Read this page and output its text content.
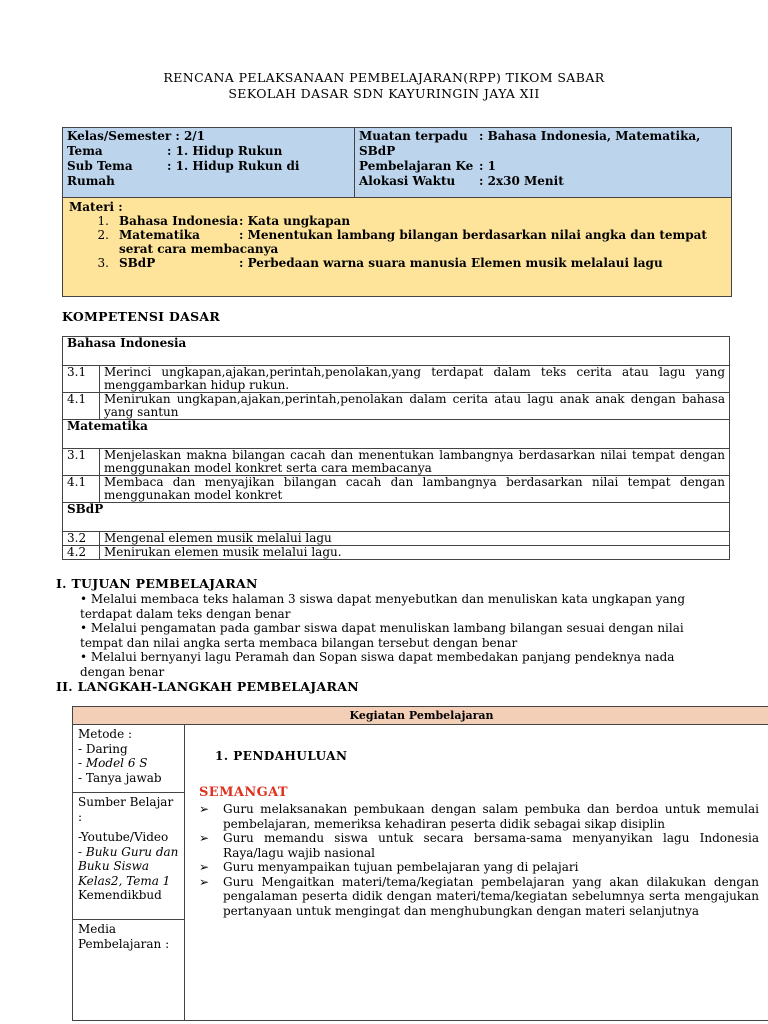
RENCANA PELAKSANAAN PEMBELAJARAN(RPP) TIKOM SABAR
SEKOLAH DASAR SDN KAYURINGIN JAYA XII
Kelas/Semester : 2/1
Tema	: 1. Hidup Rukun
Sub Tema	: 1. Hidup Rukun di
Rumah
Muatan terpadu : Bahasa Indonesia, Matematika,
SBdP
Pembelajaran Ke : 1
Alokasi Waktu	: 2x30 Menit
Materi :
1. Bahasa Indonesia : Kata ungkapan
2. Matematika	: Menentukan lambang bilangan berdasarkan nilai angka dan tempat
serat cara membacanya
3. SBdP	: Perbedaan warna suara manusia Elemen musik melalaui lagu
KOMPETENSI DASAR
Bahasa Indonesia	
3.1	Merinci ungkapan,ajakan,perintah,penolakan,yang terdapat dalam teks cerita atau lagu yang menggambarkan hidup rukun.
4.1	Menirukan ungkapan,ajakan,perintah,penolakan dalam cerita atau lagu anak anak dengan bahasa yang santun
Matematika	
3.1	Menjelaskan makna bilangan cacah dan menentukan lambangnya berdasarkan nilai tempat dengan menggunakan model konkret serta cara membacanya
4.1	Membaca dan menyajikan bilangan cacah dan lambangnya berdasarkan nilai tempat dengan menggunakan model konkret
SBdP	
3.2	Mengenal elemen musik melalui lagu
4.2	Menirukan elemen musik melalui lagu.
I. TUJUAN PEMBELAJARAN

• Melalui membaca teks halaman 3 siswa dapat menyebutkan dan menuliskan kata ungkapan yang terdapat dalam teks dengan benar

• Melalui pengamatan pada gambar siswa dapat menuliskan lambang bilangan sesuai dengan nilai tempat dan nilai angka serta membaca bilangan tersebut dengan benar

• Melalui bernyanyi lagu Peramah dan Sopan siswa dapat membedakan panjang pendeknya nada dengan benar

II. LANGKAH-LANGKAH PEMBELAJARAN
Kegiatan Pembelajaran
Metode :
- Daring
- Model 6 S
- Tanya jawab
Sumber Belajar :
-Youtube/Video
- Buku Guru dan Buku Siswa Kelas2, Tema 1
Kemendikbud
Media Pembelajaran :
1. PENDAHULUAN
SEMANGAT
➢	Guru melaksanakan pembukaan dengan salam pembuka dan berdoa untuk memulai pembelajaran, memeriksa kehadiran peserta didik sebagai sikap disiplin
➢	Guru memandu siswa untuk secara bersama-sama menyanyikan lagu Indonesia Raya/lagu wajib nasional
➢	Guru menyampaikan tujuan pembelajaran yang di pelajari
➢	Guru Mengaitkan materi/tema/kegiatan pembelajaran yang akan dilakukan dengan pengalaman peserta didik dengan materi/tema/kegiatan sebelumnya serta mengajukan pertanyaan untuk mengingat dan menghubungkan dengan materi selanjutnya
